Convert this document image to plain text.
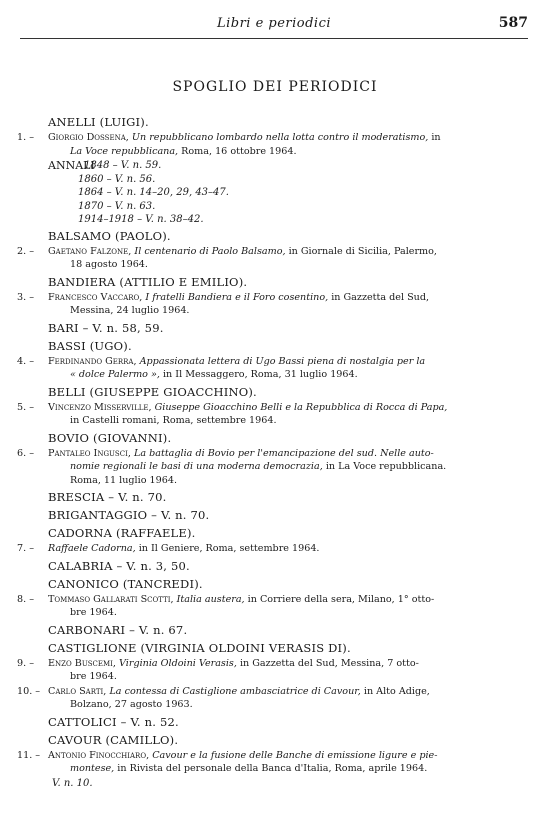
Libri e periodici	587
SPOGLIO DEI PERIODICI
ANELLI (LUIGI).
1. – Giorgio Dossena, Un repubblicano lombardo nella lotta contro il moderatismo, in
La Voce repubblicana, Roma, 16 ottobre 1964.
ANNALI
1848 – V. n. 59.
1860 – V. n. 56.
1864 – V. n. 14–20, 29, 43–47.
1870 – V. n. 63.
1914–1918 – V. n. 38–42.
BALSAMO (PAOLO).
2. – Gaetano Falzone, Il centenario di Paolo Balsamo, in Giornale di Sicilia, Palermo,
18 agosto 1964.
BANDIERA (ATTILIO E EMILIO).
3. – Francesco Vaccaro, I fratelli Bandiera e il Foro cosentino, in Gazzetta del Sud,
Messina, 24 luglio 1964.
BARI – V. n. 58, 59.
BASSI (UGO).
4. – Ferdinando Gerra, Appassionata lettera di Ugo Bassi piena di nostalgia per la
« dolce Palermo », in Il Messaggero, Roma, 31 luglio 1964.
BELLI (GIUSEPPE GIOACCHINO).
5. – Vincenzo Misserville, Giuseppe Gioacchino Belli e la Repubblica di Rocca di Papa,
in Castelli romani, Roma, settembre 1964.
BOVIO (GIOVANNI).
6. – Pantaleo Ingusci, La battaglia di Bovio per l'emancipazione del sud. Nelle auto-
nomie regionali le basi di una moderna democrazia, in La Voce repubblicana.
Roma, 11 luglio 1964.
BRESCIA – V. n. 70.
BRIGANTAGGIO – V. n. 70.
CADORNA (RAFFAELE).
7. – Raffaele Cadorna, in Il Geniere, Roma, settembre 1964.
CALABRIA – V. n. 3, 50.
CANONICO (TANCREDI).
8. – Tommaso Gallarati Scotti, Italia austera, in Corriere della sera, Milano, 1° otto-
bre 1964.
CARBONARI – V. n. 67.
CASTIGLIONE (VIRGINIA OLDOINI VERASIS DI).
9. – Enzo Buscemi, Virginia Oldoini Verasis, in Gazzetta del Sud, Messina, 7 otto-
bre 1964.
10. – Carlo Sarti, La contessa di Castiglione ambasciatrice di Cavour, in Alto Adige,
Bolzano, 27 agosto 1963.
CATTOLICI – V. n. 52.
CAVOUR (CAMILLO).
11. – Antonio Finocchiaro, Cavour e la fusione delle Banche di emissione ligure e pie-
montese, in Rivista del personale della Banca d'Italia, Roma, aprile 1964.
V. n. 10.
